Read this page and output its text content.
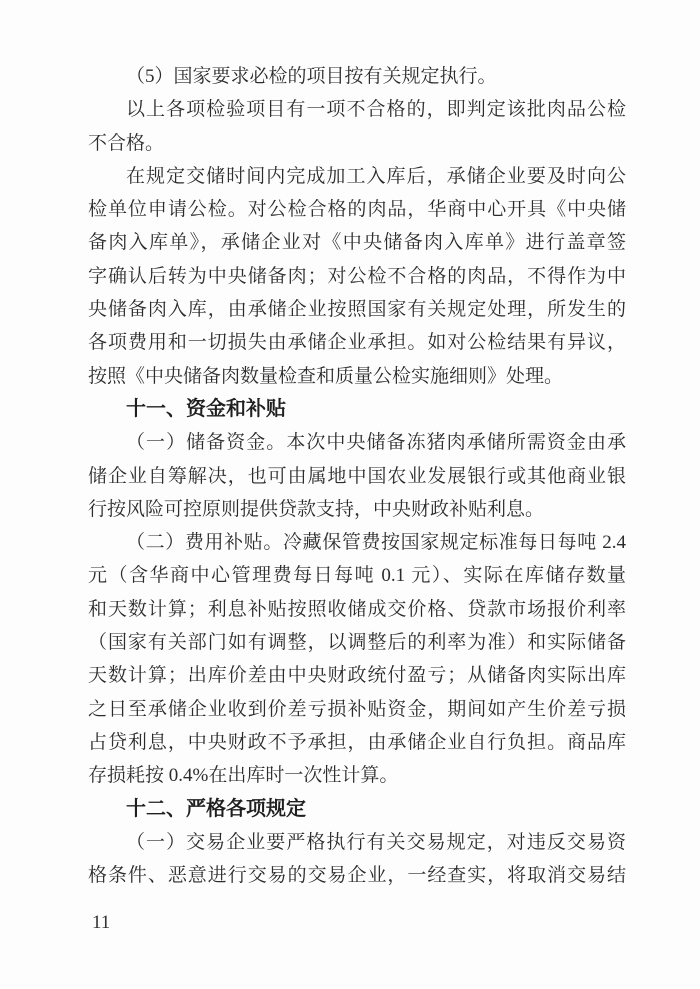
（5）国家要求必检的项目按有关规定执行。
以上各项检验项目有一项不合格的，即判定该批肉品公检
不合格。
在规定交储时间内完成加工入库后，承储企业要及时向公
检单位申请公检。对公检合格的肉品，华商中心开具《中央储
备肉入库单》，承储企业对《中央储备肉入库单》进行盖章签
字确认后转为中央储备肉；对公检不合格的肉品，不得作为中
央储备肉入库，由承储企业按照国家有关规定处理，所发生的
各项费用和一切损失由承储企业承担。如对公检结果有异议，
按照《中央储备肉数量检查和质量公检实施细则》处理。
十一、资金和补贴
（一）储备资金。本次中央储备冻猪肉承储所需资金由承
储企业自筹解决，也可由属地中国农业发展银行或其他商业银
行按风险可控原则提供贷款支持，中央财政补贴利息。
（二）费用补贴。冷藏保管费按国家规定标准每日每吨 2.4
元（含华商中心管理费每日每吨 0.1 元）、实际在库储存数量
和天数计算；利息补贴按照收储成交价格、贷款市场报价利率
（国家有关部门如有调整，以调整后的利率为准）和实际储备
天数计算；出库价差由中央财政统付盈亏；从储备肉实际出库
之日至承储企业收到价差亏损补贴资金，期间如产生价差亏损
占贷利息，中央财政不予承担，由承储企业自行负担。商品库
存损耗按 0.4%在出库时一次性计算。
十二、严格各项规定
（一）交易企业要严格执行有关交易规定，对违反交易资
格条件、恶意进行交易的交易企业，一经查实，将取消交易结
11
